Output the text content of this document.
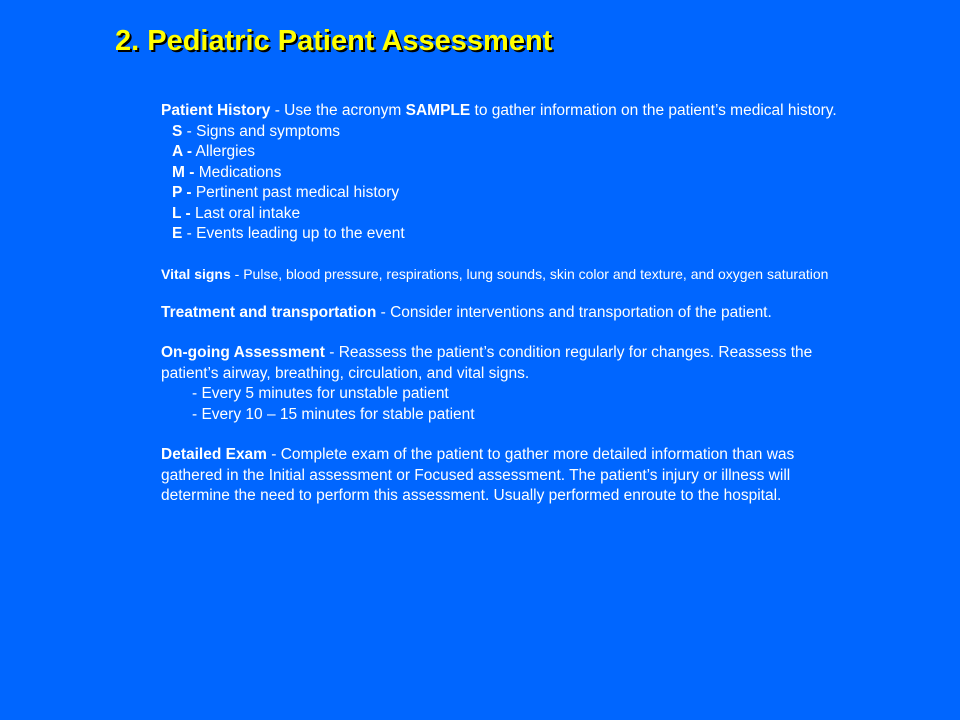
2. Pediatric Patient Assessment

Patient History - Use the acronym SAMPLE to gather information on the patient’s medical history.

S - Signs and symptoms
A - Allergies
M - Medications
P - Pertinent past medical history
L - Last oral intake
E - Events leading up to the event

Vital signs - Pulse, blood pressure, respirations, lung sounds, skin color and texture, and oxygen saturation

Treatment and transportation - Consider interventions and transportation of the patient.

On-going Assessment - Reassess the patient’s condition regularly for changes. Reassess the patient’s airway, breathing, circulation, and vital signs.

- Every 5 minutes for unstable patient
- Every 10 – 15 minutes for stable patient

Detailed Exam - Complete exam of the patient to gather more detailed information than was gathered in the Initial assessment or Focused assessment. The patient’s injury or illness will determine the need to perform this assessment. Usually performed enroute to the hospital.
